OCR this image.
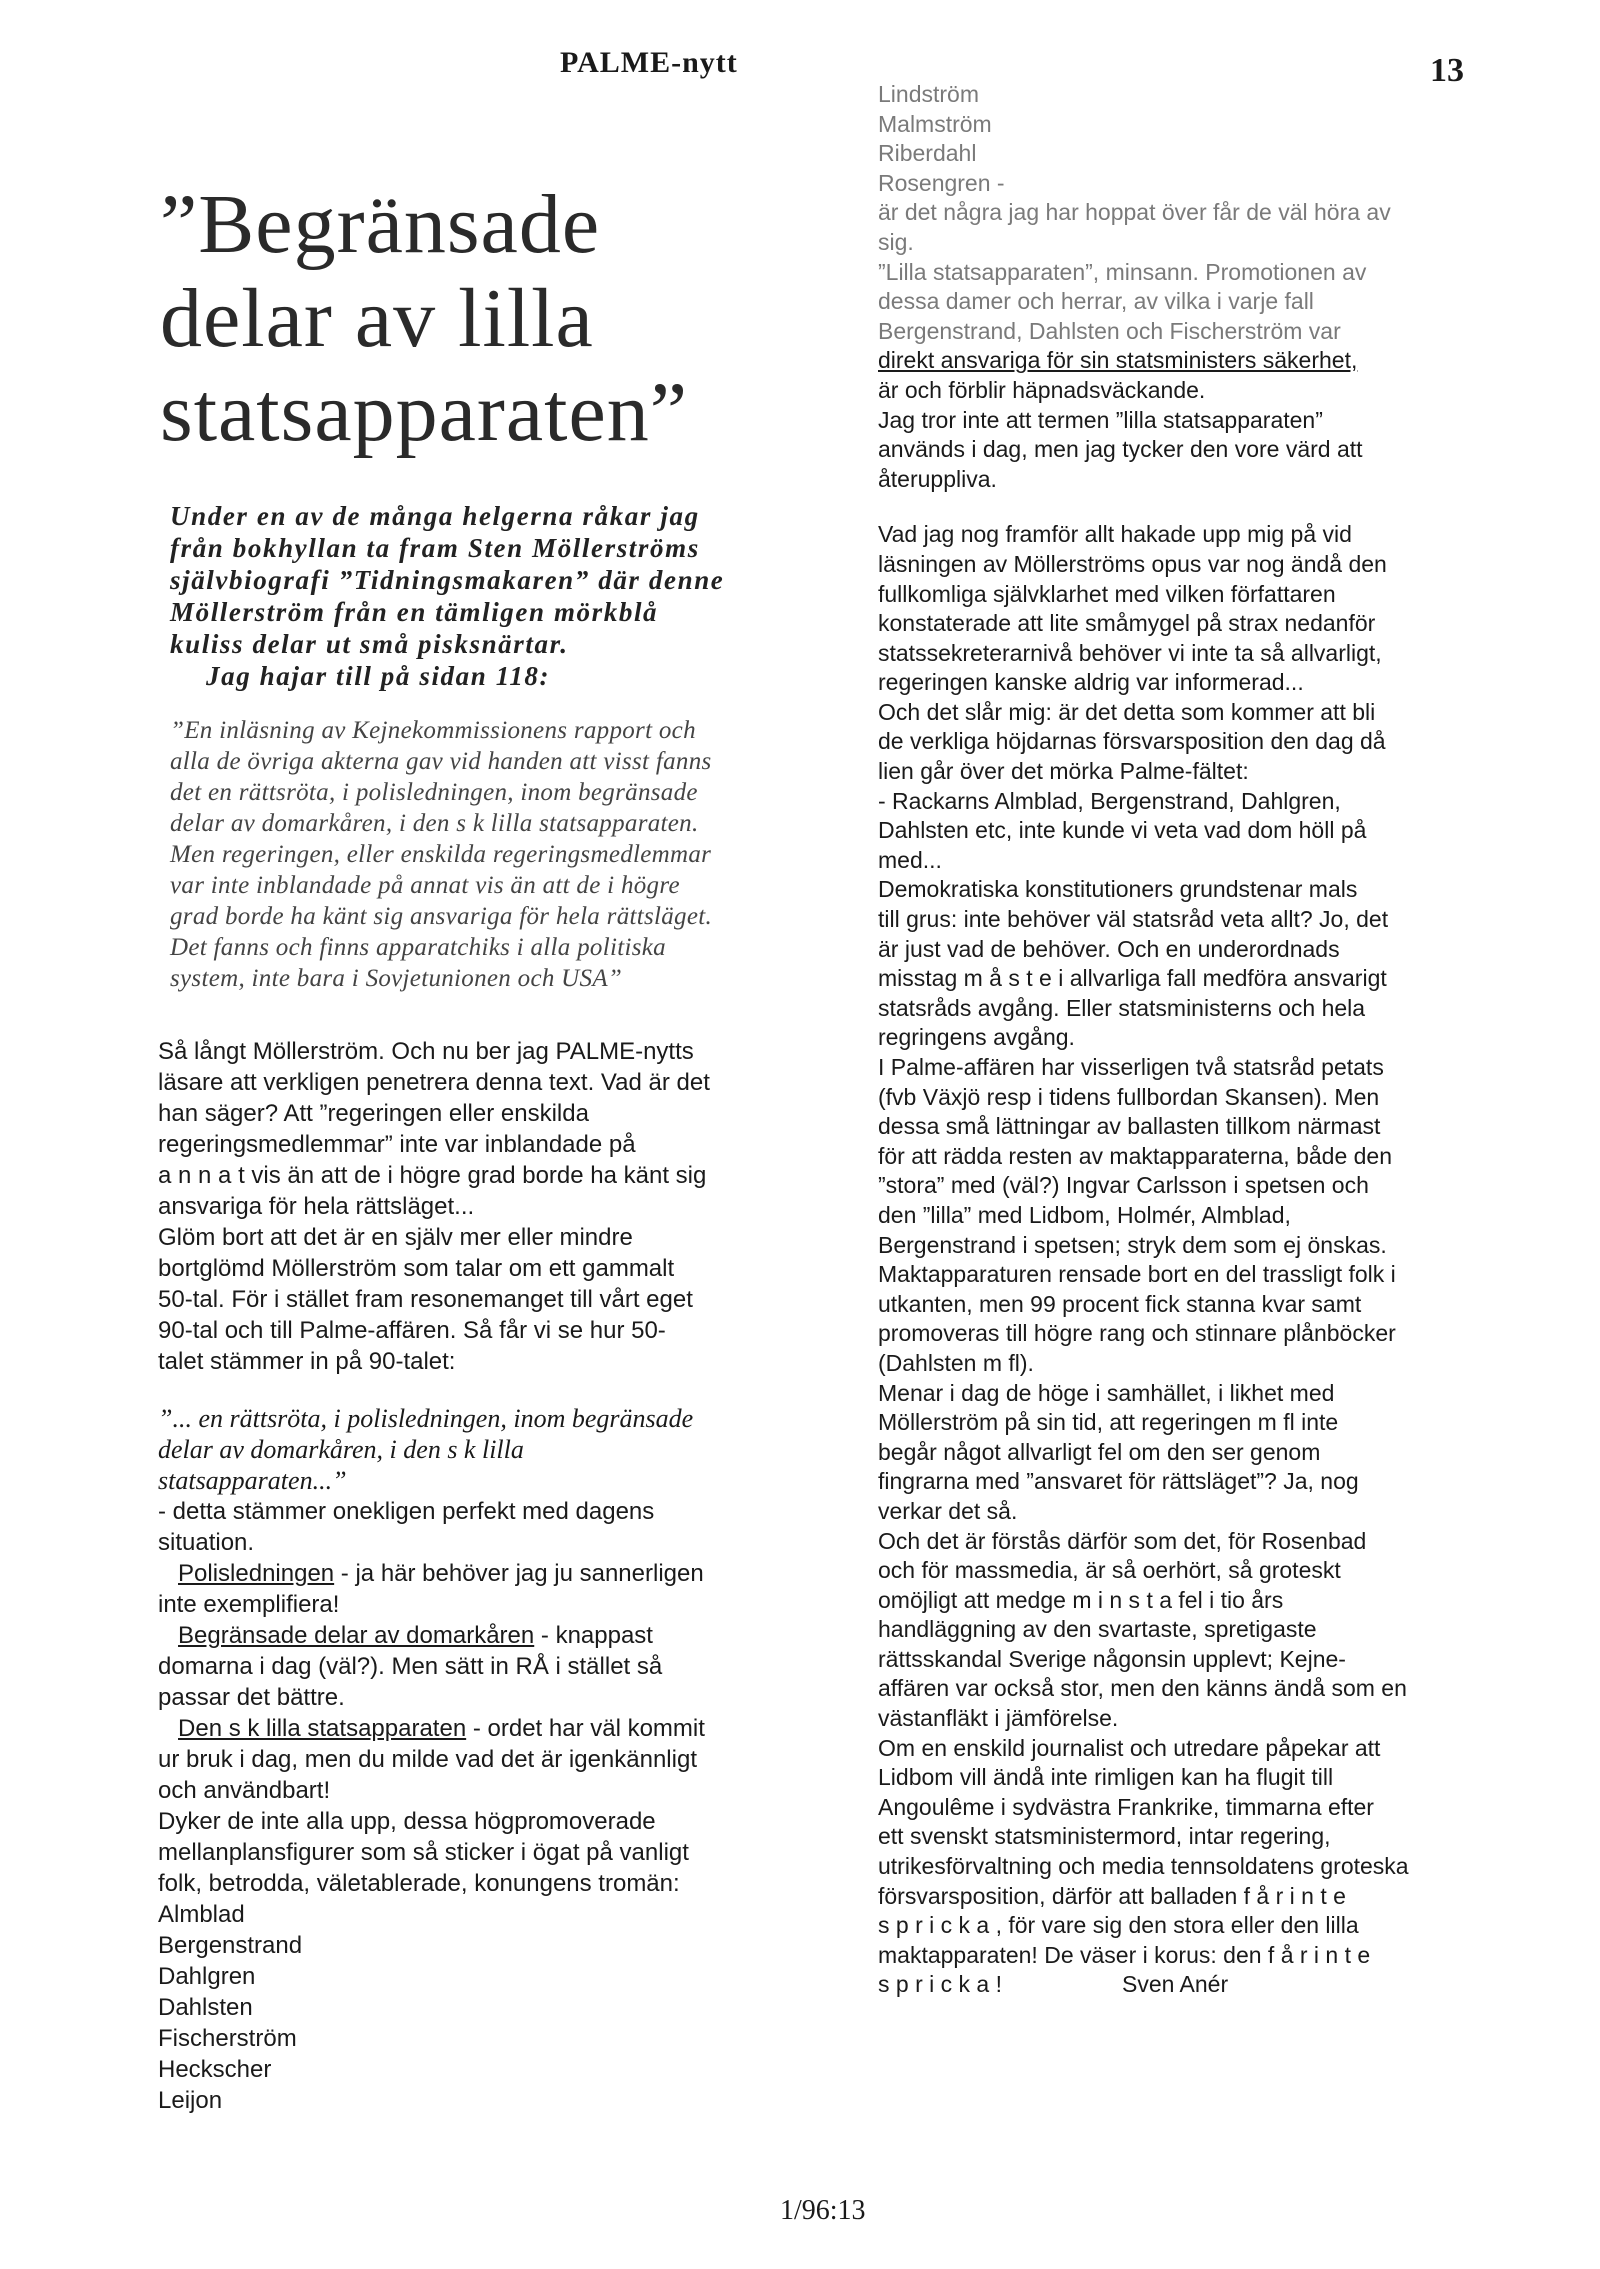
PALME-nytt	13
”Begränsade
delar av lilla
statsapparaten”
Under en av de många helgerna råkar jag
från bokhyllan ta fram Sten Möllerströms
självbiografi ”Tidningsmakaren” där denne
Möllerström från en tämligen mörkblå
kuliss delar ut små pisksnärtar.
Jag hajar till på sidan 118:
”En inläsning av Kejnekommissionens rapport och
alla de övriga akterna gav vid handen att visst fanns
det en rättsröta, i polisledningen, inom begränsade
delar av domarkåren, i den s k lilla statsapparaten.
Men regeringen, eller enskilda regeringsmedlemmar
var inte inblandade på annat vis än att de i högre
grad borde ha känt sig ansvariga för hela rättsläget.
Det fanns och finns apparatchiks i alla politiska
system, inte bara i Sovjetunionen och USA”
Så långt Möllerström. Och nu ber jag PALME-nytts
läsare att verkligen penetrera denna text. Vad är det
han säger? Att ”regeringen eller enskilda
regeringsmedlemmar” inte var inblandade på
a n n a t vis än att de i högre grad borde ha känt sig
ansvariga för hela rättsläget...
Glöm bort att det är en själv mer eller mindre
bortglömd Möllerström som talar om ett gammalt
50-tal. För i stället fram resonemanget till vårt eget
90-tal och till Palme-affären. Så får vi se hur 50-
talet stämmer in på 90-talet:
”... en rättsröta, i polisledningen, inom begränsade
delar av domarkåren, i den s k lilla
statsapparaten...”
- detta stämmer onekligen perfekt med dagens
situation.
Polisledningen - ja här behöver jag ju sannerligen
inte exemplifiera!
Begränsade delar av domarkåren - knappast
domarna i dag (väl?). Men sätt in RÅ i stället så
passar det bättre.
Den s k lilla statsapparaten - ordet har väl kommit
ur bruk i dag, men du milde vad det är igenkännligt
och användbart!
Dyker de inte alla upp, dessa högpromoverade
mellanplansfigurer som så sticker i ögat på vanligt
folk, betrodda, väletablerade, konungens tromän:
Almblad
Bergenstrand
Dahlgren
Dahlsten
Fischerström
Heckscher
Leijon
Lindström
Malmström
Riberdahl
Rosengren -
är det några jag har hoppat över får de väl höra av
sig.
”Lilla statsapparaten”, minsann. Promotionen av
dessa damer och herrar, av vilka i varje fall
Bergenstrand, Dahlsten och Fischerström var
direkt ansvariga för sin statsministers säkerhet,
är och förblir häpnadsväckande.
Jag tror inte att termen ”lilla statsapparaten”
används i dag, men jag tycker den vore värd att
återuppliva.
Vad jag nog framför allt hakade upp mig på vid
läsningen av Möllerströms opus var nog ändå den
fullkomliga självklarhet med vilken författaren
konstaterade att lite småmygel på strax nedanför
statssekreterarnivå behöver vi inte ta så allvarligt,
regeringen kanske aldrig var informerad...
Och det slår mig: är det detta som kommer att bli
de verkliga höjdarnas försvarsposition den dag då
lien går över det mörka Palme-fältet:
- Rackarns Almblad, Bergenstrand, Dahlgren,
Dahlsten etc, inte kunde vi veta vad dom höll på
med...
Demokratiska konstitutioners grundstenar mals
till grus: inte behöver väl statsråd veta allt? Jo, det
är just vad de behöver. Och en underordnads
misstag m å s t e i allvarliga fall medföra ansvarigt
statsråds avgång. Eller statsministerns och hela
regringens avgång.
I Palme-affären har visserligen två statsråd petats
(fvb Växjö resp i tidens fullbordan Skansen). Men
dessa små lättningar av ballasten tillkom närmast
för att rädda resten av maktapparaterna, både den
”stora” med (väl?) Ingvar Carlsson i spetsen och
den ”lilla” med Lidbom, Holmér, Almblad,
Bergenstrand i spetsen; stryk dem som ej önskas.
Maktapparaturen rensade bort en del trassligt folk i
utkanten, men 99 procent fick stanna kvar samt
promoveras till högre rang och stinnare plånböcker
(Dahlsten m fl).
Menar i dag de höge i samhället, i likhet med
Möllerström på sin tid, att regeringen m fl inte
begår något allvarligt fel om den ser genom
fingrarna med ”ansvaret för rättsläget”? Ja, nog
verkar det så.
Och det är förstås därför som det, för Rosenbad
och för massmedia, är så oerhört, så groteskt
omöjligt att medge m i n s t a fel i tio års
handläggning av den svartaste, spretigaste
rättsskandal Sverige någonsin upplevt; Kejne-
affären var också stor, men den känns ändå som en
västanfläkt i jämförelse.
Om en enskild journalist och utredare påpekar att
Lidbom vill ändå inte rimligen kan ha flugit till
Angoulême i sydvästra Frankrike, timmarna efter
ett svenskt statsministermord, intar regering,
utrikesförvaltning och media tennsoldatens groteska
försvarsposition, därför att balladen f å r i n t e
s p r i c k a , för vare sig den stora eller den lilla
maktapparaten! De väser i korus: den f å r i n t e
s p r i c k a !	Sven Anér
1/96:13
